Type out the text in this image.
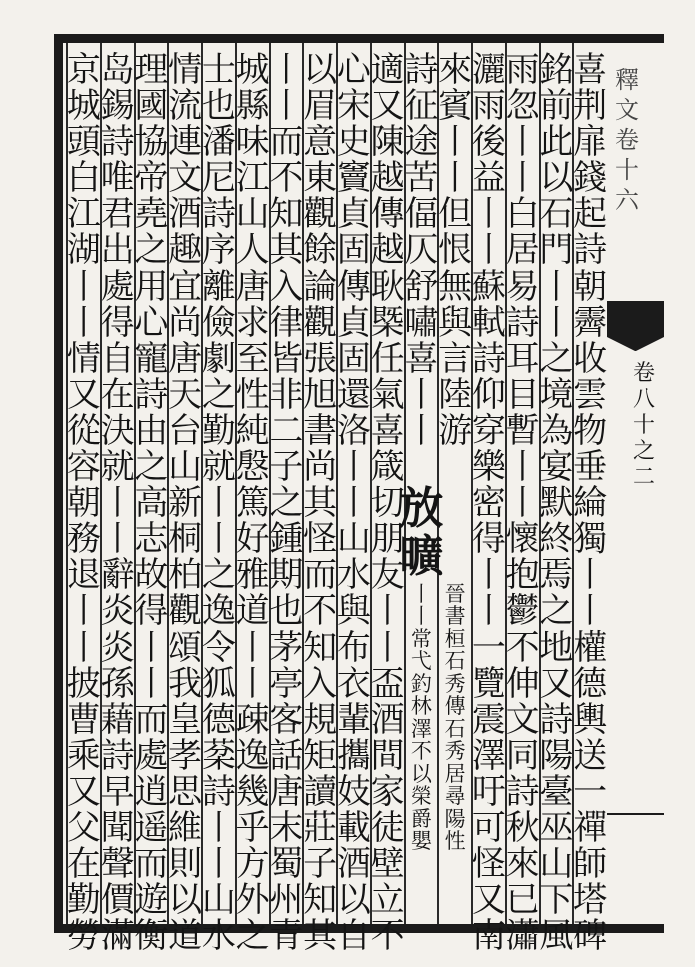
喜
荆
扉
錢
起
詩
朝
霽
收
雲
物
垂
綸
獨
丨
丨
權
德
輿
送
一
禪
師
塔
碑
銘
前
此
以
石
門
丨
丨
之
境
為
宴
默
終
焉
之
地
又
詩
陽
臺
巫
山
下
風
雨
忽
丨
丨
白
居
易
詩
耳
目
暫
丨
丨
懷
抱
鬱
不
伸
文
同
詩
秋
來
已
瀟
灑
雨
後
益
丨
丨
蘇
軾
詩
仰
穿
樂
密
得
丨
丨
一
覽
震
澤
吁
可
怪
又
南
來
賓
丨
丨
但
恨
無
與
言
陸
游
詩
征
途
苦
偪
仄
舒
嘯
喜
丨
丨
適
又
陳
越
傳
越
耿
槩
任
氣
喜
箴
切
朋
友
丨
丨
盃
酒
間
家
徒
壁
立
不
心
宋
史
竇
貞
固
傳
貞
固
還
洛
丨
丨
山
水
與
布
衣
輩
攜
妓
載
酒
以
自
以
眉
意
東
觀
餘
論
觀
張
旭
書
尚
其
怪
而
不
知
入
規
矩
讀
莊
子
知
其
丨
丨
而
不
知
其
入
律
皆
非
二
子
之
鍾
期
也
茅
亭
客
話
唐
末
蜀
州
青
城
縣
味
江
山
人
唐
求
至
性
純
慇
篤
好
雅
道
丨
丨
疎
逸
幾
乎
方
外
之
士
也
潘
尼
詩
序
離
儉
劇
之
勤
就
丨
丨
之
逸
令
狐
德
棻
詩
丨
丨
山
水
情
流
連
文
酒
趣
宜
尚
唐
天
台
山
新
桐
柏
觀
頌
我
皇
孝
思
維
則
以
道
理
國
協
帝
堯
之
用
心
寵
詩
由
之
高
志
故
得
丨
丨
而
處
逍
遥
而
遊
衡
岛
錫
詩
唯
君
出
處
得
自
在
決
就
丨
丨
辭
炎
炎
孫
藉
詩
早
聞
聲
價
滿
京
城
頭
白
江
湖
丨
丨
情
又
從
容
朝
務
退
丨
丨
披
曹
乘
又
父
在
勤
勞
放
曠
晉
書
桓
石
秀
傳
石
秀
居
尋
陽
性
丨
丨
常
弋
釣
林
澤
不
以
榮
爵
嬰
釋
文
卷
十
六
卷
八
十
之
二
